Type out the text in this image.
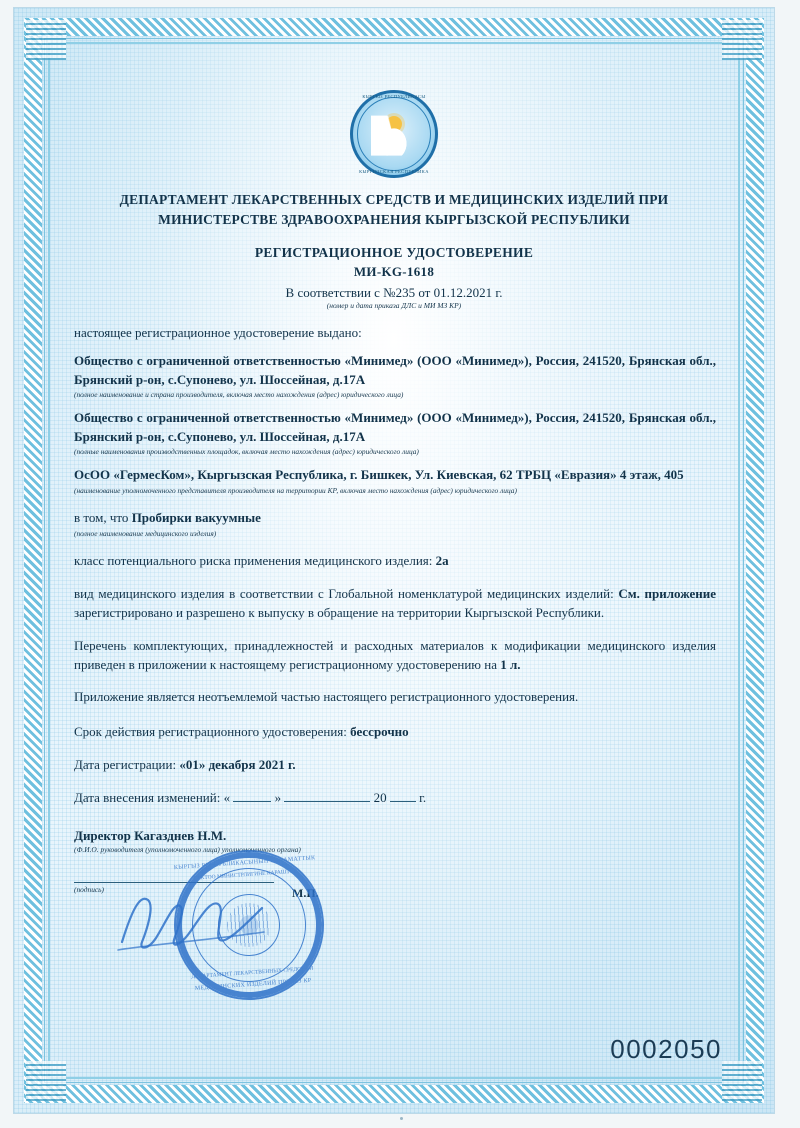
КЫРГЫЗ РЕСПУБЛИКАСЫ
КЫРГЫЗСКАЯ РЕСПУБЛИКА
ДЕПАРТАМЕНТ ЛЕКАРСТВЕННЫХ СРЕДСТВ И МЕДИЦИНСКИХ ИЗДЕЛИЙ ПРИ МИНИСТЕРСТВЕ ЗДРАВООХРАНЕНИЯ КЫРГЫЗСКОЙ РЕСПУБЛИКИ
РЕГИСТРАЦИОННОЕ УДОСТОВЕРЕНИЕ
МИ-KG-1618
В соответствии с №235 от 01.12.2021 г.
(номер и дата приказа ДЛС и МИ МЗ КР)

настоящее регистрационное удостоверение выдано:

Общество с ограниченной ответственностью «Минимед» (ООО «Минимед»), Россия, 241520, Брянская обл., Брянский р-он, с.Супонево, ул. Шоссейная, д.17А
(полное наименование и страна производителя, включая место нахождения (адрес) юридического лица)
Общество с ограниченной ответственностью «Минимед» (ООО «Минимед»), Россия, 241520, Брянская обл., Брянский р-он, с.Супонево, ул. Шоссейная, д.17А
(полные наименования производственных площадок, включая место нахождения (адрес) юридического лица)
ОсОО «ГермесКом», Кыргызская Республика, г. Бишкек, Ул. Киевская, 62 ТРБЦ «Евразия» 4 этаж, 405
(наименование уполномоченного представителя производителя на территории КР, включая место нахождения (адрес) юридического лица)
в том, что Пробирки вакуумные
(полное наименование медицинского изделия)
класс потенциального риска применения медицинского изделия: 2а
вид медицинского изделия в соответствии с Глобальной номенклатурой медицинских изделий: См. приложение зарегистрировано и разрешено к выпуску в обращение на территории Кыргызской Республики.
Перечень комплектующих, принадлежностей и расходных материалов к модификации медицинского изделия приведен в приложении к настоящему регистрационному удостоверению на 1 л.
Приложение является неотъемлемой частью настоящего регистрационного удостоверения.
Срок действия регистрационного удостоверения: бессрочно
Дата регистрации: «01» декабря 2021 г.
Дата внесения изменений: «	»	20	г.
Директор Кагазднев Н.М.
(Ф.И.О. руководителя (уполномоченного лица) уполномоченного органа)
(подпись)	М.П.
КЫРГЫЗ РЕСПУБЛИКАСЫНЫН САЛАМАТТЫК
САКТОО МИНИСТРЛИГИНЕ КАРАШТУУ
ДЕПАРТАМЕНТ ЛЕКАРСТВЕННЫХ СРЕДСТВ И
МЕДИЦИНСКИХ ИЗДЕЛИЙ ПРИ МЗ КР
0002050
